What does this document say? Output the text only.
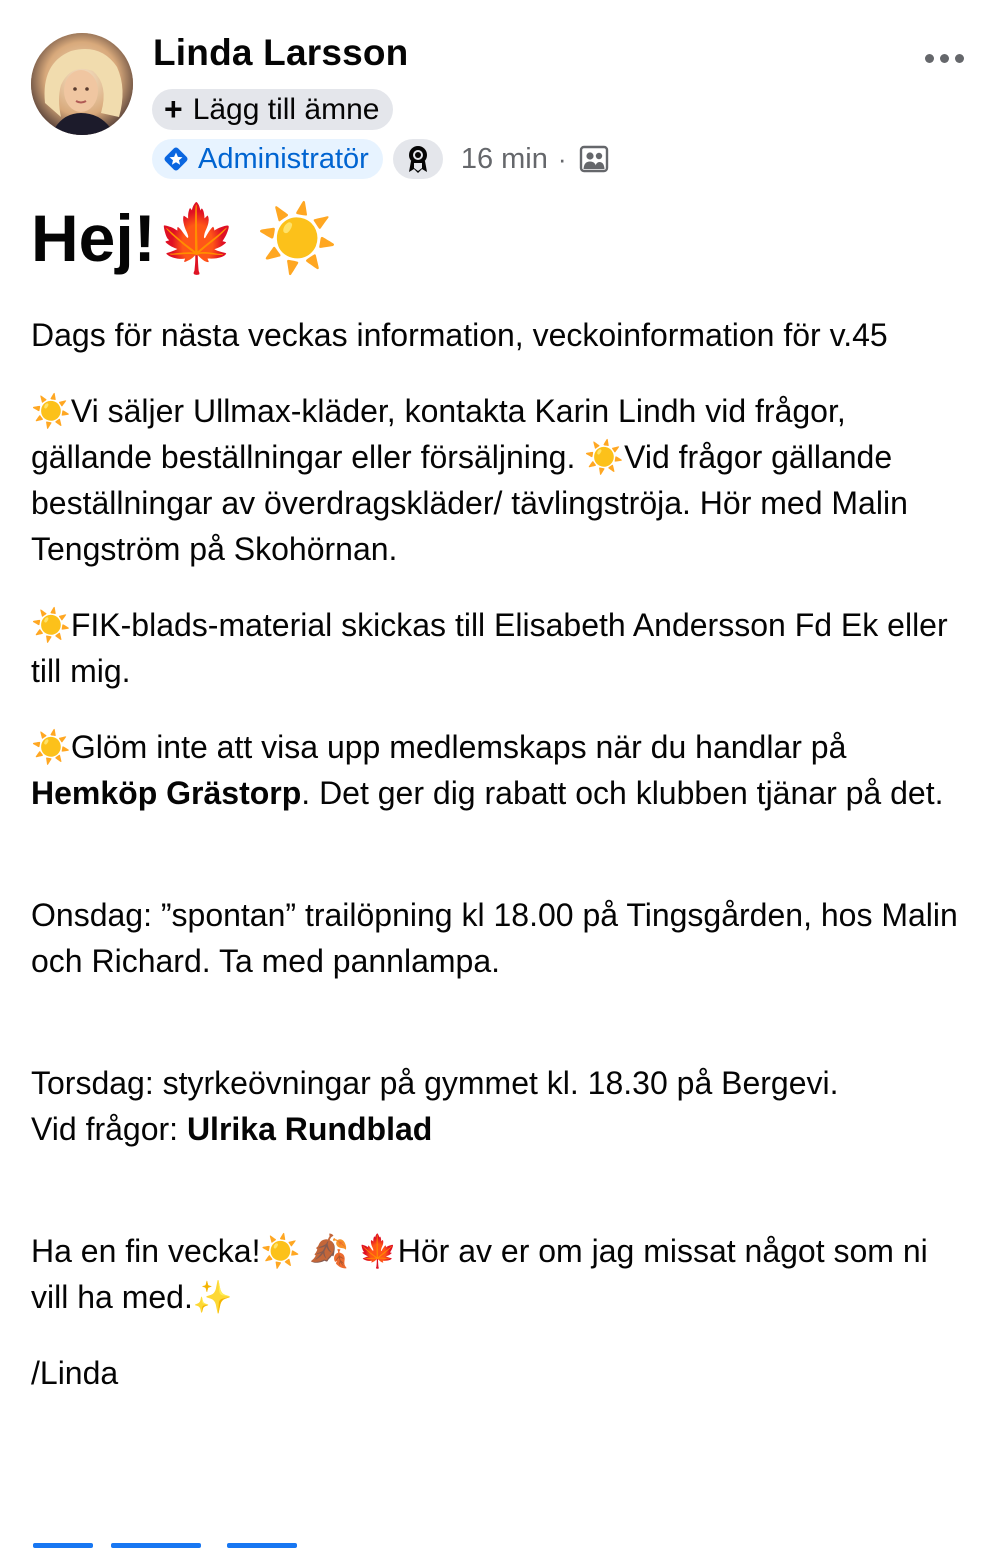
Linda Larsson
+ Lägg till ämne
Administratör	16 min ·
Hej!🍁 ☀️

Dags för nästa veckas information, veckoinformation för v.45

☀️Vi säljer Ullmax-kläder, kontakta Karin Lindh vid frågor, gällande beställningar eller försäljning. ☀️Vid frågor gällande beställningar av överdragskläder/ tävlingströja. Hör med Malin Tengström på Skohörnan.

☀️FIK-blads-material skickas till Elisabeth Andersson Fd Ek eller till mig.

☀️Glöm inte att visa upp medlemskaps när du handlar på Hemköp Grästorp. Det ger dig rabatt och klubben tjänar på det.

Onsdag: ”spontan” trailöpning kl 18.00 på Tingsgården, hos Malin och Richard. Ta med pannlampa.

Torsdag: styrkeövningar på gymmet kl. 18.30 på Bergevi.
Vid frågor: Ulrika Rundblad

Ha en fin vecka!☀️ 🍂 🍁Hör av er om jag missat något som ni vill ha med.✨

/Linda
